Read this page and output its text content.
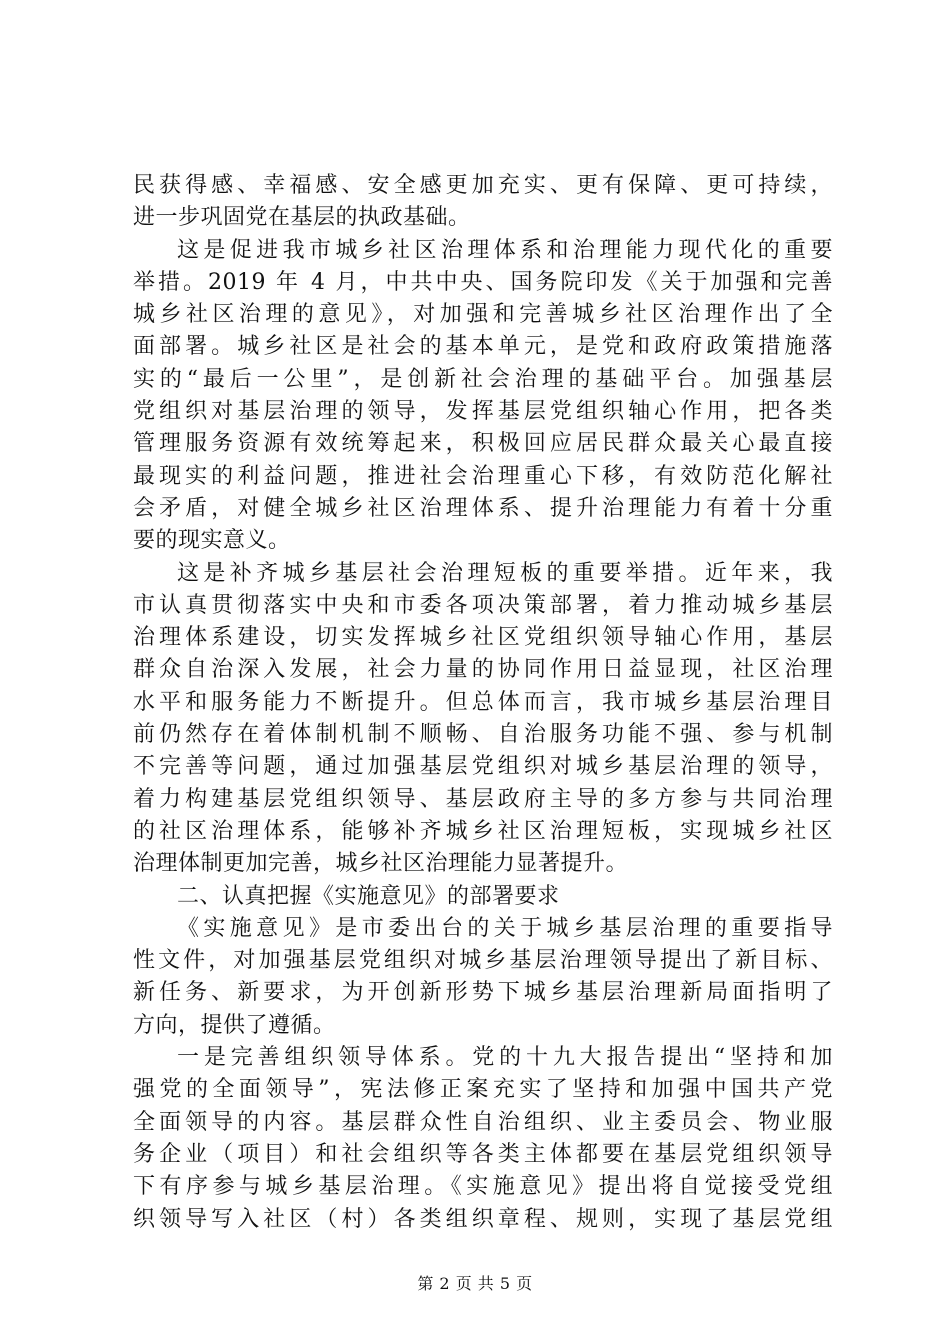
民获得感、幸福感、安全感更加充实、更有保障、更可持续，
进一步巩固党在基层的执政基础。
这是促进我市城乡社区治理体系和治理能力现代化的重要
举措。2019 年 4 月，中共中央、国务院印发《关于加强和完善
城乡社区治理的意见》，对加强和完善城乡社区治理作出了全
面部署。城乡社区是社会的基本单元，是党和政府政策措施落
实的“最后一公里”，是创新社会治理的基础平台。加强基层
党组织对基层治理的领导，发挥基层党组织轴心作用，把各类
管理服务资源有效统筹起来，积极回应居民群众最关心最直接
最现实的利益问题，推进社会治理重心下移，有效防范化解社
会矛盾，对健全城乡社区治理体系、提升治理能力有着十分重
要的现实意义。
这是补齐城乡基层社会治理短板的重要举措。近年来，我
市认真贯彻落实中央和市委各项决策部署，着力推动城乡基层
治理体系建设，切实发挥城乡社区党组织领导轴心作用，基层
群众自治深入发展，社会力量的协同作用日益显现，社区治理
水平和服务能力不断提升。但总体而言，我市城乡基层治理目
前仍然存在着体制机制不顺畅、自治服务功能不强、参与机制
不完善等问题，通过加强基层党组织对城乡基层治理的领导，
着力构建基层党组织领导、基层政府主导的多方参与共同治理
的社区治理体系，能够补齐城乡社区治理短板，实现城乡社区
治理体制更加完善，城乡社区治理能力显著提升。
二、认真把握《实施意见》的部署要求
《实施意见》是市委出台的关于城乡基层治理的重要指导
性文件，对加强基层党组织对城乡基层治理领导提出了新目标、
新任务、新要求，为开创新形势下城乡基层治理新局面指明了
方向，提供了遵循。
一是完善组织领导体系。党的十九大报告提出“坚持和加
强党的全面领导”，宪法修正案充实了坚持和加强中国共产党
全面领导的内容。基层群众性自治组织、业主委员会、物业服
务企业（项目）和社会组织等各类主体都要在基层党组织领导
下有序参与城乡基层治理。《实施意见》提出将自觉接受党组
织领导写入社区（村）各类组织章程、规则，实现了基层党组
第 2 页 共 5 页
